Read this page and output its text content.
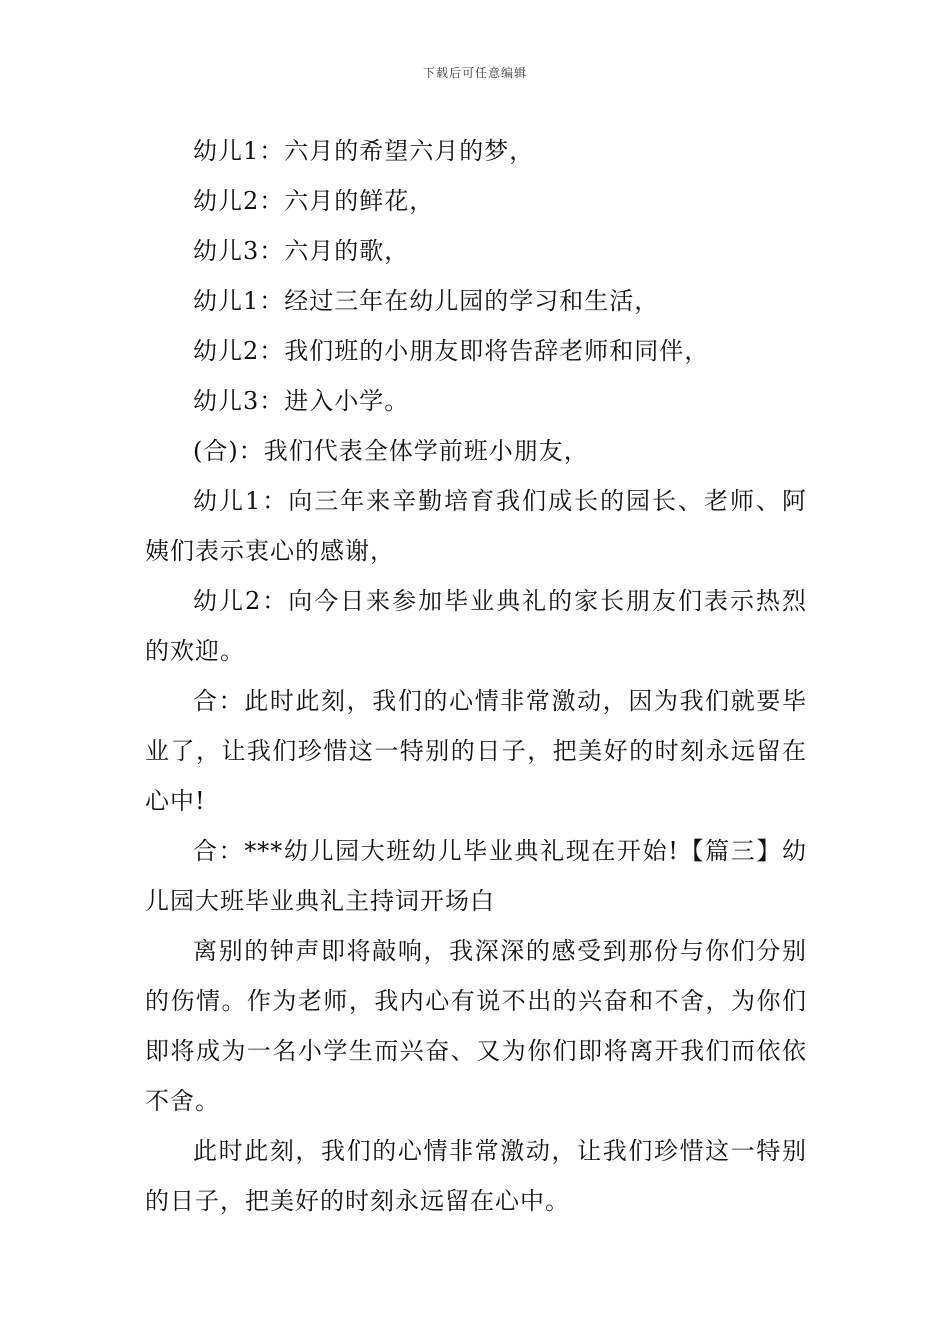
下载后可任意编辑

幼儿1：六月的希望六月的梦，

幼儿2：六月的鲜花，

幼儿3：六月的歌，

幼儿1：经过三年在幼儿园的学习和生活，

幼儿2：我们班的小朋友即将告辞老师和同伴，

幼儿3：进入小学。

(合)：我们代表全体学前班小朋友，

幼儿1：向三年来辛勤培育我们成长的园长、老师、阿姨们表示衷心的感谢，

幼儿2：向今日来参加毕业典礼的家长朋友们表示热烈的欢迎。

合：此时此刻，我们的心情非常激动，因为我们就要毕业了，让我们珍惜这一特别的日子，把美好的时刻永远留在心中!

合：***幼儿园大班幼儿毕业典礼现在开始!【篇三】幼儿园大班毕业典礼主持词开场白

离别的钟声即将敲响，我深深的感受到那份与你们分别的伤情。作为老师，我内心有说不出的兴奋和不舍，为你们即将成为一名小学生而兴奋、又为你们即将离开我们而依依不舍。

此时此刻，我们的心情非常激动，让我们珍惜这一特别的日子，把美好的时刻永远留在心中。
